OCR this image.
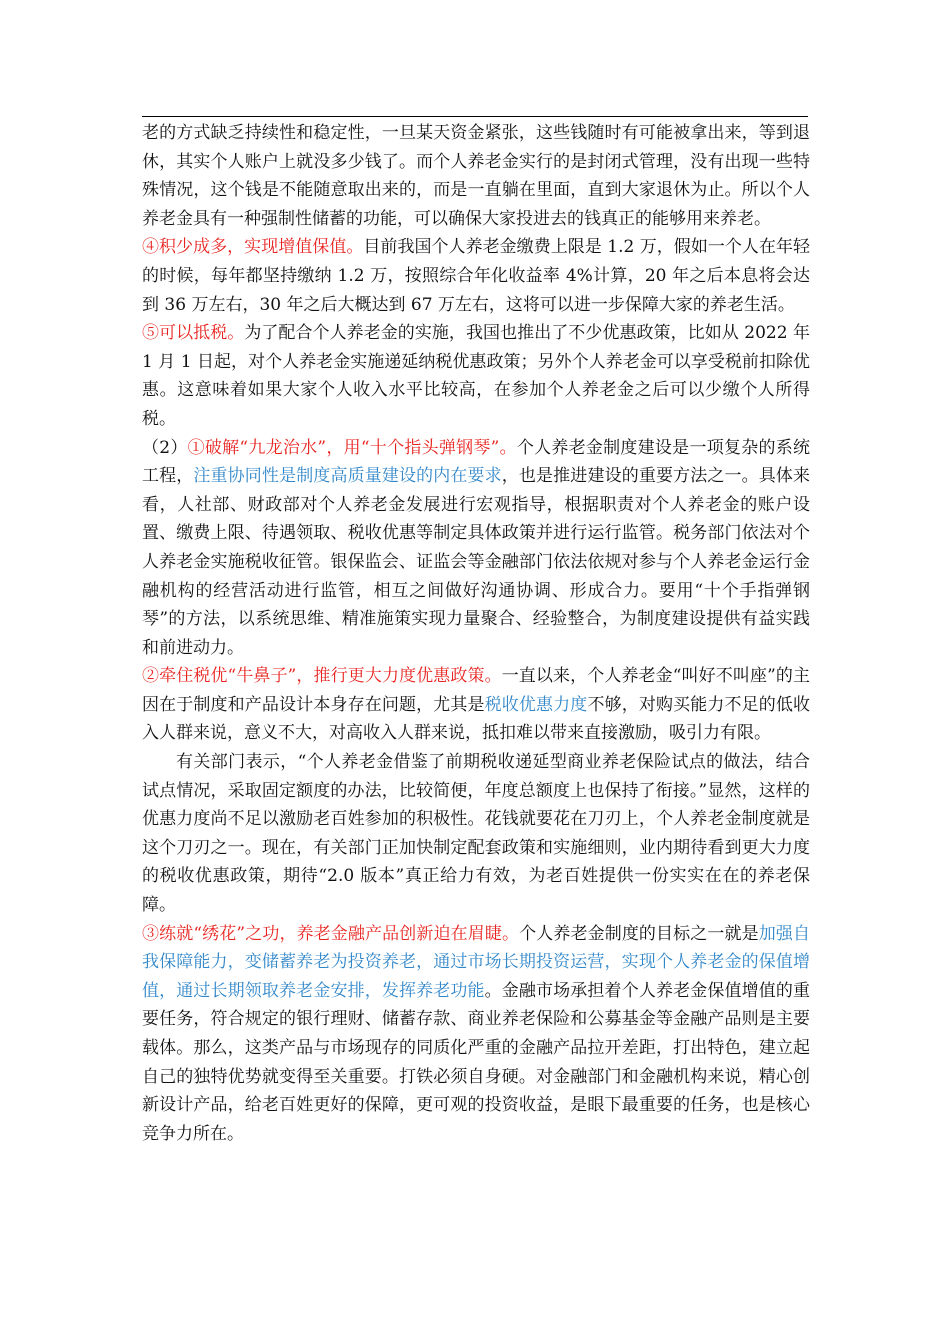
老的方式缺乏持续性和稳定性，一旦某天资金紧张，这些钱随时有可能被拿出来，等到退休，其实个人账户上就没多少钱了。而个人养老金实行的是封闭式管理，没有出现一些特殊情况，这个钱是不能随意取出来的，而是一直躺在里面，直到大家退休为止。所以个人养老金具有一种强制性储蓄的功能，可以确保大家投进去的钱真正的能够用来养老。

④积少成多，实现增值保值。目前我国个人养老金缴费上限是 1.2 万，假如一个人在年轻的时候，每年都坚持缴纳 1.2 万，按照综合年化收益率 4%计算，20 年之后本息将会达到 36 万左右，30 年之后大概达到 67 万左右，这将可以进一步保障大家的养老生活。

⑤可以抵税。为了配合个人养老金的实施，我国也推出了不少优惠政策，比如从 2022 年 1 月 1 日起，对个人养老金实施递延纳税优惠政策；另外个人养老金可以享受税前扣除优惠。这意味着如果大家个人收入水平比较高，在参加个人养老金之后可以少缴个人所得税。

（2）①破解“九龙治水”，用“十个指头弹钢琴”。个人养老金制度建设是一项复杂的系统工程，注重协同性是制度高质量建设的内在要求，也是推进建设的重要方法之一。具体来看，人社部、财政部对个人养老金发展进行宏观指导，根据职责对个人养老金的账户设置、缴费上限、待遇领取、税收优惠等制定具体政策并进行运行监管。税务部门依法对个人养老金实施税收征管。银保监会、证监会等金融部门依法依规对参与个人养老金运行金融机构的经营活动进行监管，相互之间做好沟通协调、形成合力。要用“十个手指弹钢琴”的方法，以系统思维、精准施策实现力量聚合、经验整合，为制度建设提供有益实践和前进动力。

②牵住税优“牛鼻子”，推行更大力度优惠政策。一直以来，个人养老金“叫好不叫座”的主因在于制度和产品设计本身存在问题，尤其是税收优惠力度不够，对购买能力不足的低收入人群来说，意义不大，对高收入人群来说，抵扣难以带来直接激励，吸引力有限。

有关部门表示，“个人养老金借鉴了前期税收递延型商业养老保险试点的做法，结合试点情况，采取固定额度的办法，比较简便，年度总额度上也保持了衔接。”显然，这样的优惠力度尚不足以激励老百姓参加的积极性。花钱就要花在刀刃上，个人养老金制度就是这个刀刃之一。现在，有关部门正加快制定配套政策和实施细则，业内期待看到更大力度的税收优惠政策，期待“2.0 版本”真正给力有效，为老百姓提供一份实实在在的养老保障。

③练就“绣花”之功，养老金融产品创新迫在眉睫。个人养老金制度的目标之一就是加强自我保障能力，变储蓄养老为投资养老，通过市场长期投资运营，实现个人养老金的保值增值，通过长期领取养老金安排，发挥养老功能。金融市场承担着个人养老金保值增值的重要任务，符合规定的银行理财、储蓄存款、商业养老保险和公募基金等金融产品则是主要载体。那么，这类产品与市场现存的同质化严重的金融产品拉开差距，打出特色，建立起自己的独特优势就变得至关重要。打铁必须自身硬。对金融部门和金融机构来说，精心创新设计产品，给老百姓更好的保障，更可观的投资收益，是眼下最重要的任务，也是核心竞争力所在。
